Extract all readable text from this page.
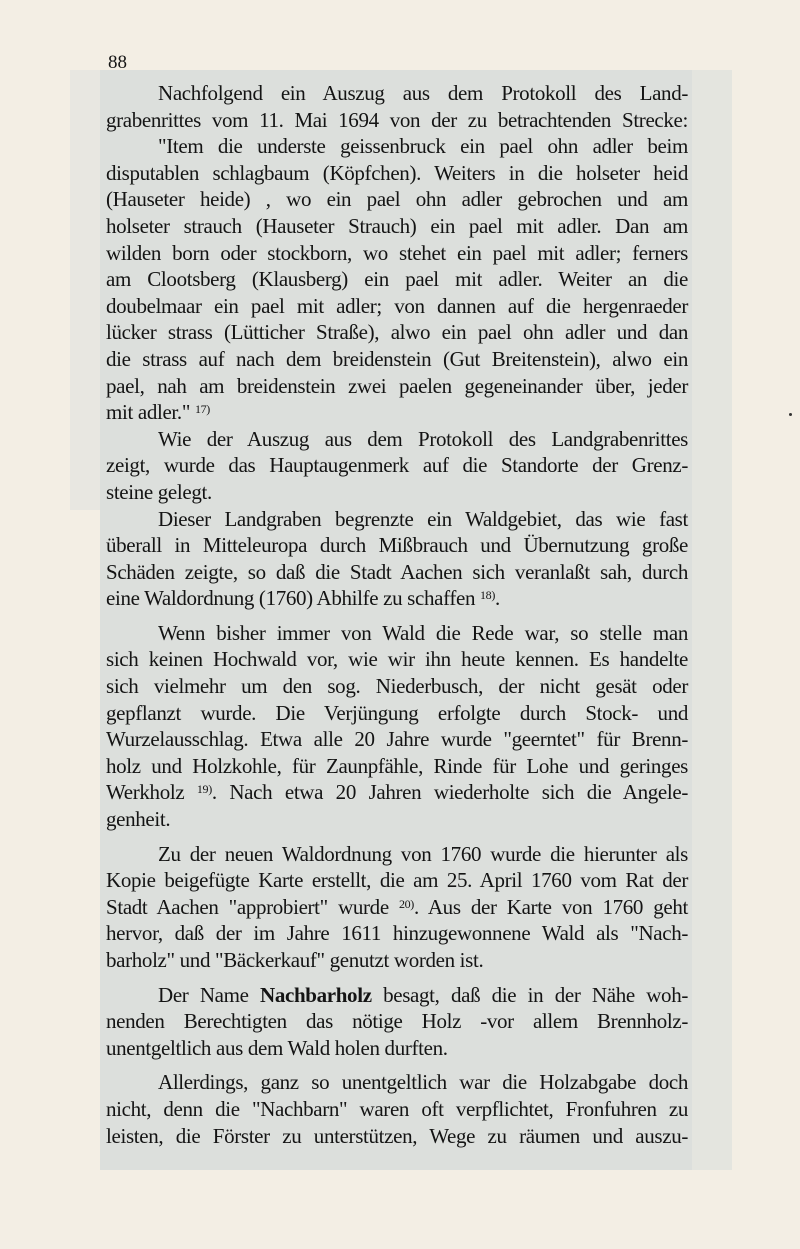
88
Nachfolgend ein Auszug aus dem Protokoll des Land-
grabenrittes vom 11. Mai 1694 von der zu betrachtenden Strecke:
"Item die underste geissenbruck ein pael ohn adler beim
disputablen schlagbaum (Köpfchen). Weiters in die holseter heid
(Hauseter heide) , wo ein pael ohn adler gebrochen und am
holseter strauch (Hauseter Strauch) ein pael mit adler. Dan am
wilden born oder stockborn, wo stehet ein pael mit adler; ferners
am Clootsberg (Klausberg) ein pael mit adler. Weiter an die
doubelmaar ein pael mit adler; von dannen auf die hergenraeder
lücker strass (Lütticher Straße), alwo ein pael ohn adler und dan
die strass auf nach dem breidenstein (Gut Breitenstein), alwo ein
pael, nah am breidenstein zwei paelen gegeneinander über, jeder
mit adler." $^{17)}$
Wie der Auszug aus dem Protokoll des Landgrabenrittes
zeigt, wurde das Hauptaugenmerk auf die Standorte der Grenz-
steine gelegt.
Dieser Landgraben begrenzte ein Waldgebiet, das wie fast
überall in Mitteleuropa durch Mißbrauch und Übernutzung große
Schäden zeigte, so daß die Stadt Aachen sich veranlaßt sah, durch
eine Waldordnung (1760) Abhilfe zu schaffen $^{18)}$.
Wenn bisher immer von Wald die Rede war, so stelle man
sich keinen Hochwald vor, wie wir ihn heute kennen. Es handelte
sich vielmehr um den sog. Niederbusch, der nicht gesät oder
gepflanzt wurde. Die Verjüngung erfolgte durch Stock- und
Wurzelausschlag. Etwa alle 20 Jahre wurde "geerntet" für Brenn-
holz und Holzkohle, für Zaunpfähle, Rinde für Lohe und geringes
Werkholz $^{19)}$. Nach etwa 20 Jahren wiederholte sich die Angele-
genheit.
Zu der neuen Waldordnung von 1760 wurde die hierunter als
Kopie beigefügte Karte erstellt, die am 25. April 1760 vom Rat der
Stadt Aachen "approbiert" wurde $^{20)}$. Aus der Karte von 1760 geht
hervor, daß der im Jahre 1611 hinzugewonnene Wald als "Nach-
barholz" und "Bäckerkauf" genutzt worden ist.
Der Name Nachbarholz besagt, daß die in der Nähe woh-
nenden Berechtigten das nötige Holz -vor allem Brennholz-
unentgeltlich aus dem Wald holen durften.
Allerdings, ganz so unentgeltlich war die Holzabgabe doch
nicht, denn die "Nachbarn" waren oft verpflichtet, Fronfuhren zu
leisten, die Förster zu unterstützen, Wege zu räumen und auszu-
